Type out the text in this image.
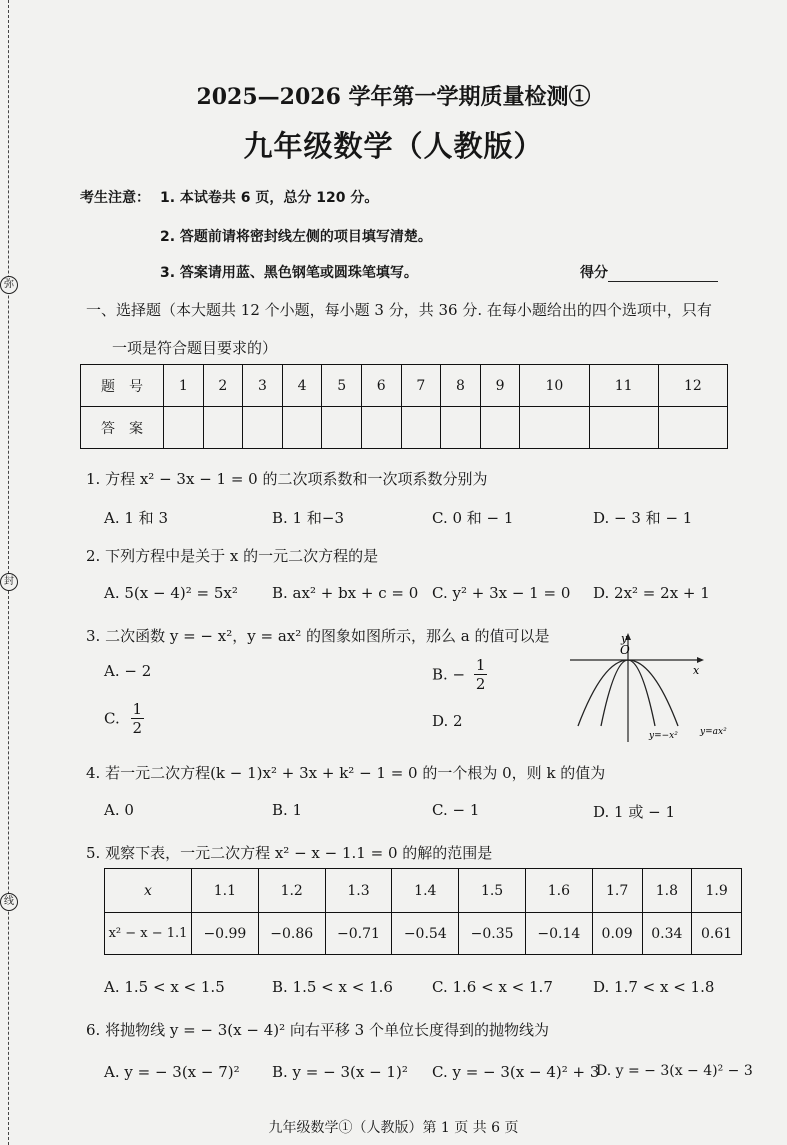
弥
封
线
2025—2026 学年第一学期质量检测①
九年级数学（人教版）
考生注意： 1. 本试卷共 6 页，总分 120 分。
2. 答题前请将密封线左侧的项目填写清楚。
3. 答案请用蓝、黑色钢笔或圆珠笔填写。	得分
一、选择题（本大题共 12 个小题，每小题 3 分，共 36 分. 在每小题给出的四个选项中，只有
一项是符合题目要求的）
题　号	1	2	3	4	5	6	7	8	9	10	11	12
答　案												
1. 方程 x² − 3x − 1 = 0 的二次项系数和一次项系数分别为
A. 1 和 3	B. 1 和−3	C. 0 和 − 1	D. − 3 和 − 1
2. 下列方程中是关于 x 的一元二次方程的是
A. 5(x − 4)² = 5x² B. ax² + bx + c = 0 C. y² + 3x − 1 = 0 D. 2x² = 2x + 1
3. 二次函数 y = − x²，y = ax² 的图象如图所示，那么 a 的值可以是
A. − 2	B. − $\frac{1}{2}$
C. $\frac{1}{2}$	D. 2
O
x
y
y=−x² y=ax²
4. 若一元二次方程(k − 1)x² + 3x + k² − 1 = 0 的一个根为 0，则 k 的值为
A. 0	B. 1	C. − 1	D. 1 或 − 1
5. 观察下表，一元二次方程 x² − x − 1.1 = 0 的解的范围是
x	1.1	1.2	1.3	1.4	1.5	1.6	1.7	1.8	1.9
x² − x − 1.1	−0.99	−0.86	−0.71	−0.54	−0.35	−0.14	0.09	0.34	0.61
A. 1.5 < x < 1.5	B. 1.5 < x < 1.6	C. 1.6 < x < 1.7	D. 1.7 < x < 1.8
6. 将抛物线 y = − 3(x − 4)² 向右平移 3 个单位长度得到的抛物线为
A. y = − 3(x − 7)² B. y = − 3(x − 1)² C. y = − 3(x − 4)² + 3
D. y = − 3(x − 4)² − 3
九年级数学①（人教版）第 1 页 共 6 页
